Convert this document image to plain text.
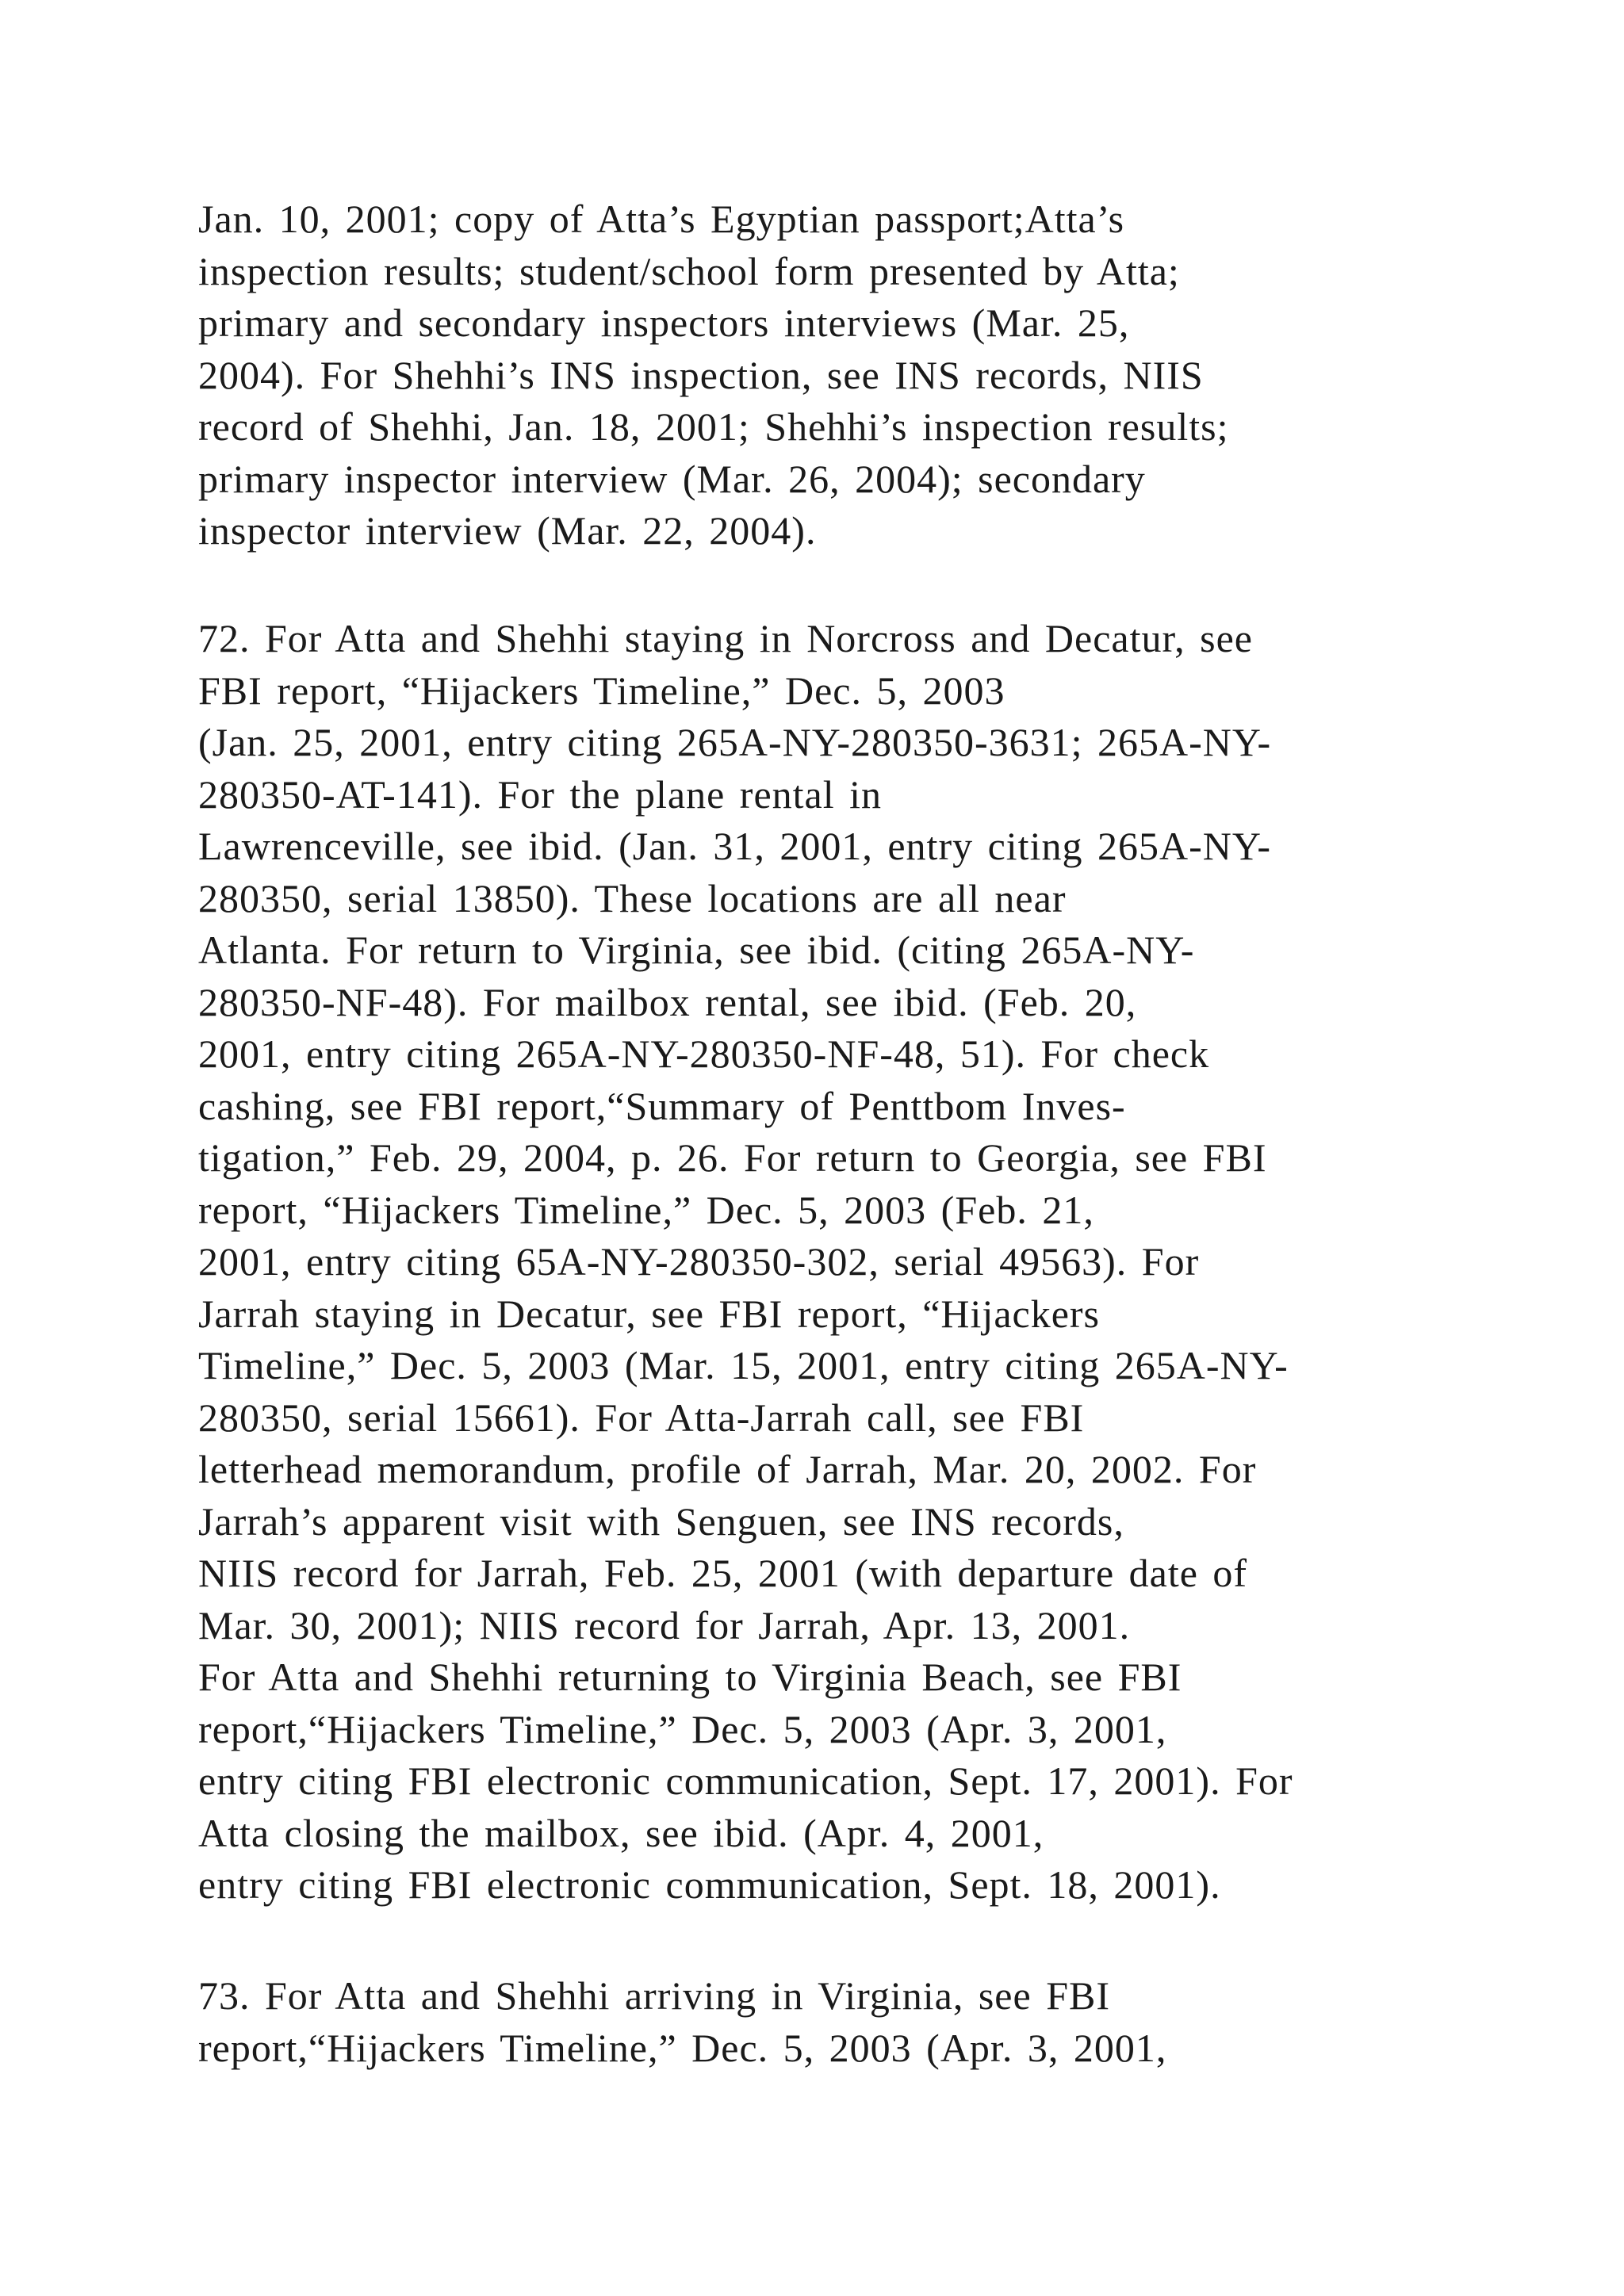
Jan. 10, 2001; copy of Atta’s Egyptian passport;Atta’s
inspection results; student/school form presented by Atta;
primary and secondary inspectors interviews (Mar. 25,
2004). For Shehhi’s INS inspection, see INS records, NIIS
record of Shehhi, Jan. 18, 2001; Shehhi’s inspection results;
primary inspector interview (Mar. 26, 2004); secondary
inspector interview (Mar. 22, 2004).
72. For Atta and Shehhi staying in Norcross and Decatur, see
FBI report, “Hijackers Timeline,” Dec. 5, 2003
(Jan. 25, 2001, entry citing 265A-NY-280350-3631; 265A-NY-
280350-AT-141). For the plane rental in
Lawrenceville, see ibid. (Jan. 31, 2001, entry citing 265A-NY-
280350, serial 13850). These locations are all near
Atlanta. For return to Virginia, see ibid. (citing 265A-NY-
280350-NF-48). For mailbox rental, see ibid. (Feb. 20,
2001, entry citing 265A-NY-280350-NF-48, 51). For check
cashing, see FBI report,“Summary of Penttbom Inves-
tigation,” Feb. 29, 2004, p. 26. For return to Georgia, see FBI
report, “Hijackers Timeline,” Dec. 5, 2003 (Feb. 21,
2001, entry citing 65A-NY-280350-302, serial 49563). For
Jarrah staying in Decatur, see FBI report, “Hijackers
Timeline,” Dec. 5, 2003 (Mar. 15, 2001, entry citing 265A-NY-
280350, serial 15661). For Atta-Jarrah call, see FBI
letterhead memorandum, profile of Jarrah, Mar. 20, 2002. For
Jarrah’s apparent visit with Senguen, see INS records,
NIIS record for Jarrah, Feb. 25, 2001 (with departure date of
Mar. 30, 2001); NIIS record for Jarrah, Apr. 13, 2001.
For Atta and Shehhi returning to Virginia Beach, see FBI
report,“Hijackers Timeline,” Dec. 5, 2003 (Apr. 3, 2001,
entry citing FBI electronic communication, Sept. 17, 2001). For
Atta closing the mailbox, see ibid. (Apr. 4, 2001,
entry citing FBI electronic communication, Sept. 18, 2001).
73. For Atta and Shehhi arriving in Virginia, see FBI
report,“Hijackers Timeline,” Dec. 5, 2003 (Apr. 3, 2001,
